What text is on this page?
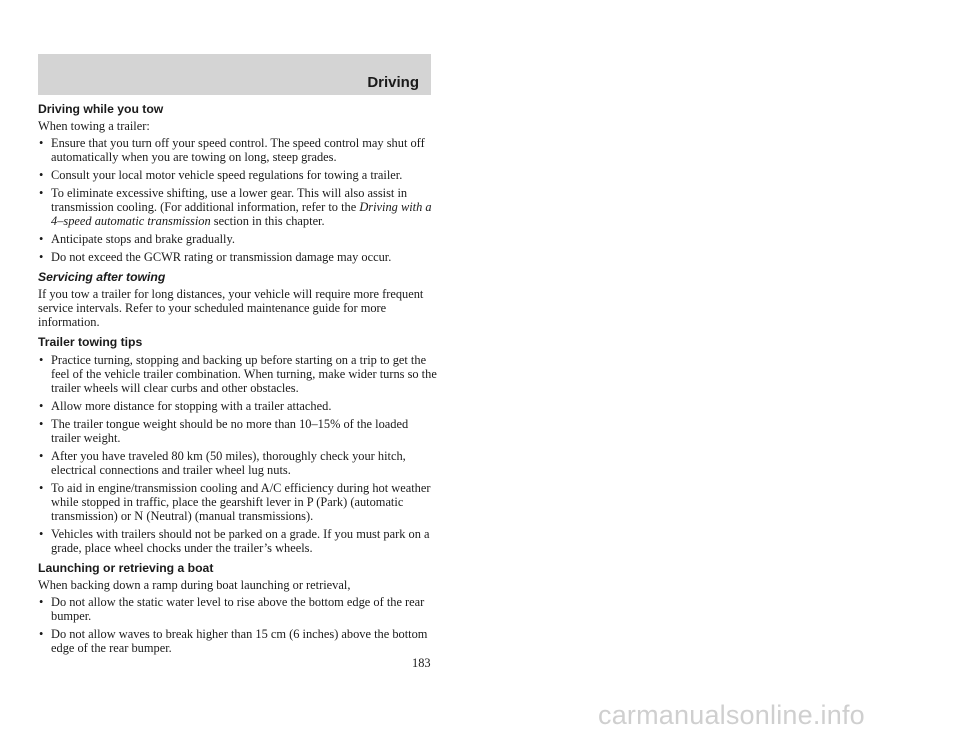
Driving

Driving while you tow

When towing a trailer:

• Ensure that you turn off your speed control. The speed control may shut off automatically when you are towing on long, steep grades.
• Consult your local motor vehicle speed regulations for towing a trailer.
• To eliminate excessive shifting, use a lower gear. This will also assist in transmission cooling. (For additional information, refer to the Driving with a 4–speed automatic transmission section in this chapter.
• Anticipate stops and brake gradually.
• Do not exceed the GCWR rating or transmission damage may occur.

Servicing after towing

If you tow a trailer for long distances, your vehicle will require more frequent service intervals. Refer to your scheduled maintenance guide for more information.

Trailer towing tips

• Practice turning, stopping and backing up before starting on a trip to get the feel of the vehicle trailer combination. When turning, make wider turns so the trailer wheels will clear curbs and other obstacles.
• Allow more distance for stopping with a trailer attached.
• The trailer tongue weight should be no more than 10–15% of the loaded trailer weight.
• After you have traveled 80 km (50 miles), thoroughly check your hitch, electrical connections and trailer wheel lug nuts.
• To aid in engine/transmission cooling and A/C efficiency during hot weather while stopped in traffic, place the gearshift lever in P (Park) (automatic transmission) or N (Neutral) (manual transmissions).
• Vehicles with trailers should not be parked on a grade. If you must park on a grade, place wheel chocks under the trailer’s wheels.

Launching or retrieving a boat

When backing down a ramp during boat launching or retrieval,

• Do not allow the static water level to rise above the bottom edge of the rear bumper.
• Do not allow waves to break higher than 15 cm (6 inches) above the bottom edge of the rear bumper.
183
carmanualsonline.info
